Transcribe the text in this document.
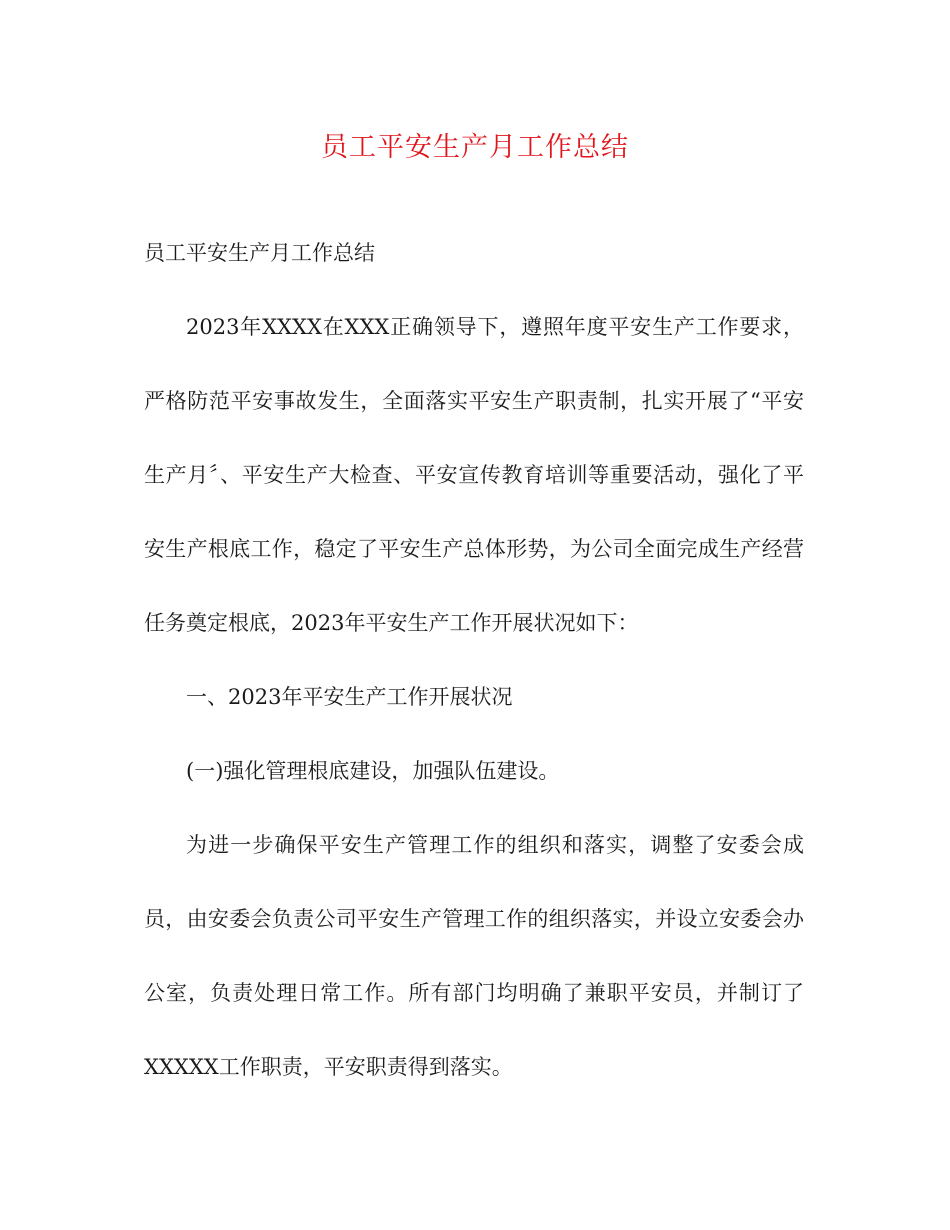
员工平安生产月工作总结

员工平安生产月工作总结

2023年XXXX在XXX正确领导下，遵照年度平安生产工作要求，严格防范平安事故发生，全面落实平安生产职责制，扎实开展了“平安生产月〞、平安生产大检查、平安宣传教育培训等重要活动，强化了平安生产根底工作，稳定了平安生产总体形势，为公司全面完成生产经营任务奠定根底，2023年平安生产工作开展状况如下：

一、2023年平安生产工作开展状况

(一)强化管理根底建设，加强队伍建设。

为进一步确保平安生产管理工作的组织和落实，调整了安委会成员，由安委会负责公司平安生产管理工作的组织落实，并设立安委会办公室，负责处理日常工作。所有部门均明确了兼职平安员，并制订了XXXXX工作职责，平安职责得到落实。
